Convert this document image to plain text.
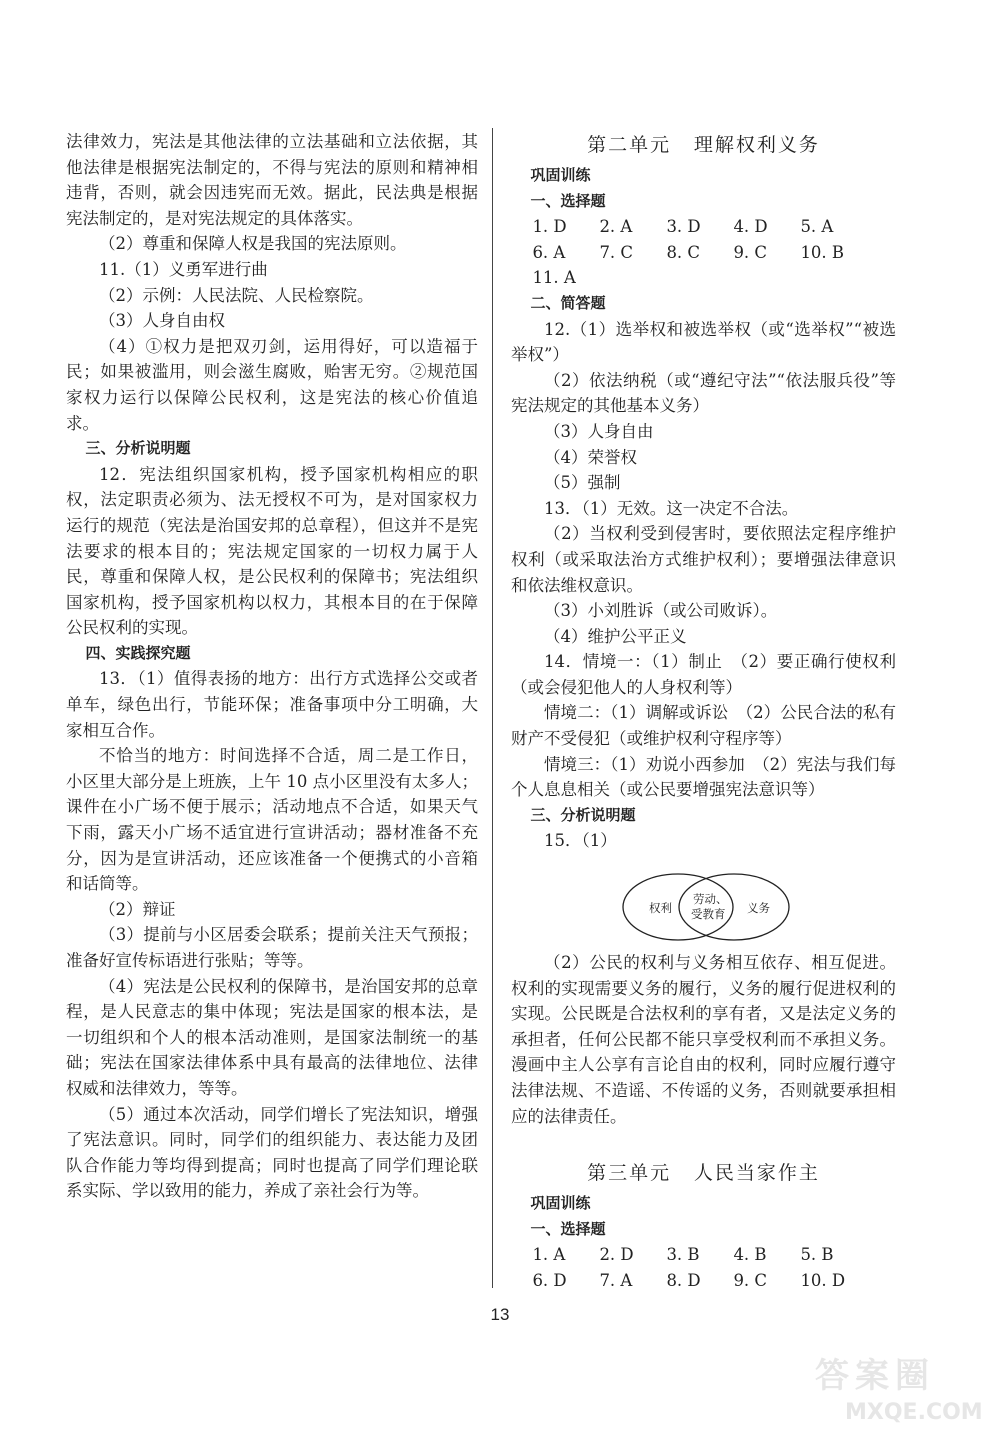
法律效力，宪法是其他法律的立法基础和立法依据，其他法律是根据宪法制定的，不得与宪法的原则和精神相违背，否则，就会因违宪而无效。据此，民法典是根据宪法制定的，是对宪法规定的具体落实。

（2）尊重和保障人权是我国的宪法原则。

11.（1）义勇军进行曲

（2）示例：人民法院、人民检察院。

（3）人身自由权

（4）①权力是把双刃剑，运用得好，可以造福于民；如果被滥用，则会滋生腐败，贻害无穷。②规范国家权力运行以保障公民权利，这是宪法的核心价值追求。

三、分析说明题

12．宪法组织国家机构，授予国家机构相应的职权，法定职责必须为、法无授权不可为，是对国家权力运行的规范（宪法是治国安邦的总章程），但这并不是宪法要求的根本目的；宪法规定国家的一切权力属于人民，尊重和保障人权，是公民权利的保障书；宪法组织国家机构，授予国家机构以权力，其根本目的在于保障公民权利的实现。

四、实践探究题

13．（1）值得表扬的地方：出行方式选择公交或者单车，绿色出行，节能环保；准备事项中分工明确，大家相互合作。

不恰当的地方：时间选择不合适，周二是工作日，小区里大部分是上班族，上午 10 点小区里没有太多人；课件在小广场不便于展示；活动地点不合适，如果天气下雨，露天小广场不适宜进行宣讲活动；器材准备不充分，因为是宣讲活动，还应该准备一个便携式的小音箱和话筒等。

（2）辩证

（3）提前与小区居委会联系；提前关注天气预报；准备好宣传标语进行张贴；等等。

（4）宪法是公民权利的保障书，是治国安邦的总章程，是人民意志的集中体现；宪法是国家的根本法，是一切组织和个人的根本活动准则，是国家法制统一的基础；宪法在国家法律体系中具有最高的法律地位、法律权威和法律效力，等等。

（5）通过本次活动，同学们增长了宪法知识，增强了宪法意识。同时，同学们的组织能力、表达能力及团队合作能力等均得到提高；同时也提高了同学们理论联系实际、学以致用的能力，养成了亲社会行为等。

第二单元 理解权利义务

巩固训练

一、选择题

1. D	2. A	3. D	4. D	5. A
6. A	7. C	8. C	9. C	10. B
11. A

二、简答题

12.（1）选举权和被选举权（或“选举权”“被选举权”）

（2）依法纳税（或“遵纪守法”“依法服兵役”等宪法规定的其他基本义务）

（3）人身自由

（4）荣誉权

（5）强制

13．（1）无效。这一决定不合法。

（2）当权利受到侵害时，要依照法定程序维护权利（或采取法治方式维护权利）；要增强法律意识和依法维权意识。

（3）小刘胜诉（或公司败诉）。

（4）维护公平正义

14．情境一：（1）制止　（2）要正确行使权利（或会侵犯他人的人身权利等）

情境二：（1）调解或诉讼　（2）公民合法的私有财产不受侵犯（或维护权利守程序等）

情境三：（1）劝说小西参加　（2）宪法与我们每个人息息相关（或公民要增强宪法意识等）

三、分析说明题

15．（1）

权利
劳动、
受教育 义务

（2）公民的权利与义务相互依存、相互促进。权利的实现需要义务的履行，义务的履行促进权利的实现。公民既是合法权利的享有者，又是法定义务的承担者，任何公民都不能只享受权利而不承担义务。漫画中主人公享有言论自由的权利，同时应履行遵守法律法规、不造谣、不传谣的义务，否则就要承担相应的法律责任。

第三单元 人民当家作主

巩固训练

一、选择题

1. A	2. D	3. B	4. B	5. B
6. D	7. A	8. D	9. C	10. D
13
答案圈
MXQE.COM
